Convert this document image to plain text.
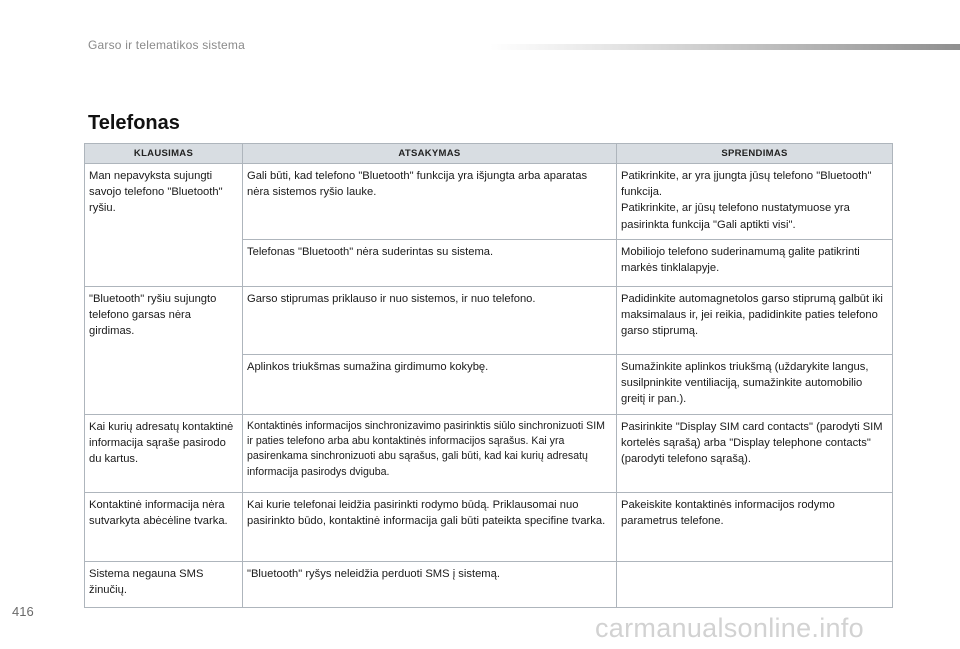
Garso ir telematikos sistema
Telefonas
KLAUSIMAS	ATSAKYMAS	SPRENDIMAS
Man nepavyksta sujungti savojo telefono "Bluetooth" ryšiu.	Gali būti, kad telefono "Bluetooth" funkcija yra išjungta arba aparatas nėra sistemos ryšio lauke.	Patikrinkite, ar yra įjungta jūsų telefono "Bluetooth" funkcija.
Patikrinkite, ar jūsų telefono nustatymuose yra pasirinkta funkcija "Gali aptikti visi".
	Telefonas "Bluetooth" nėra suderintas su sistema.	Mobiliojo telefono suderinamumą galite patikrinti markės tinklalapyje.
"Bluetooth" ryšiu sujungto telefono garsas nėra girdimas.	Garso stiprumas priklauso ir nuo sistemos, ir nuo telefono.	Padidinkite automagnetolos garso stiprumą galbūt iki maksimalaus ir, jei reikia, padidinkite paties telefono garso stiprumą.
	Aplinkos triukšmas sumažina girdimumo kokybę.	Sumažinkite aplinkos triukšmą (uždarykite langus, susilpninkite ventiliaciją, sumažinkite automobilio greitį ir pan.).
Kai kurių adresatų kontaktinė informacija sąraše pasirodo du kartus.	Kontaktinės informacijos sinchronizavimo pasirinktis siūlo sinchronizuoti SIM ir paties telefono arba abu kontaktinės informacijos sąrašus. Kai yra pasirenkama sinchronizuoti abu sąrašus, gali būti, kad kai kurių adresatų informacija pasirodys dviguba.	Pasirinkite "Display SIM card contacts" (parodyti SIM kortelės sąrašą) arba "Display telephone contacts" (parodyti telefono sąrašą).
Kontaktinė informacija nėra sutvarkyta abėcėline tvarka.	Kai kurie telefonai leidžia pasirinkti rodymo būdą. Priklausomai nuo pasirinkto būdo, kontaktinė informacija gali būti pateikta specifine tvarka.	Pakeiskite kontaktinės informacijos rodymo parametrus telefone.
Sistema negauna SMS žinučių.	"Bluetooth" ryšys neleidžia perduoti SMS į sistemą.	
416
carmanualsonline.info
